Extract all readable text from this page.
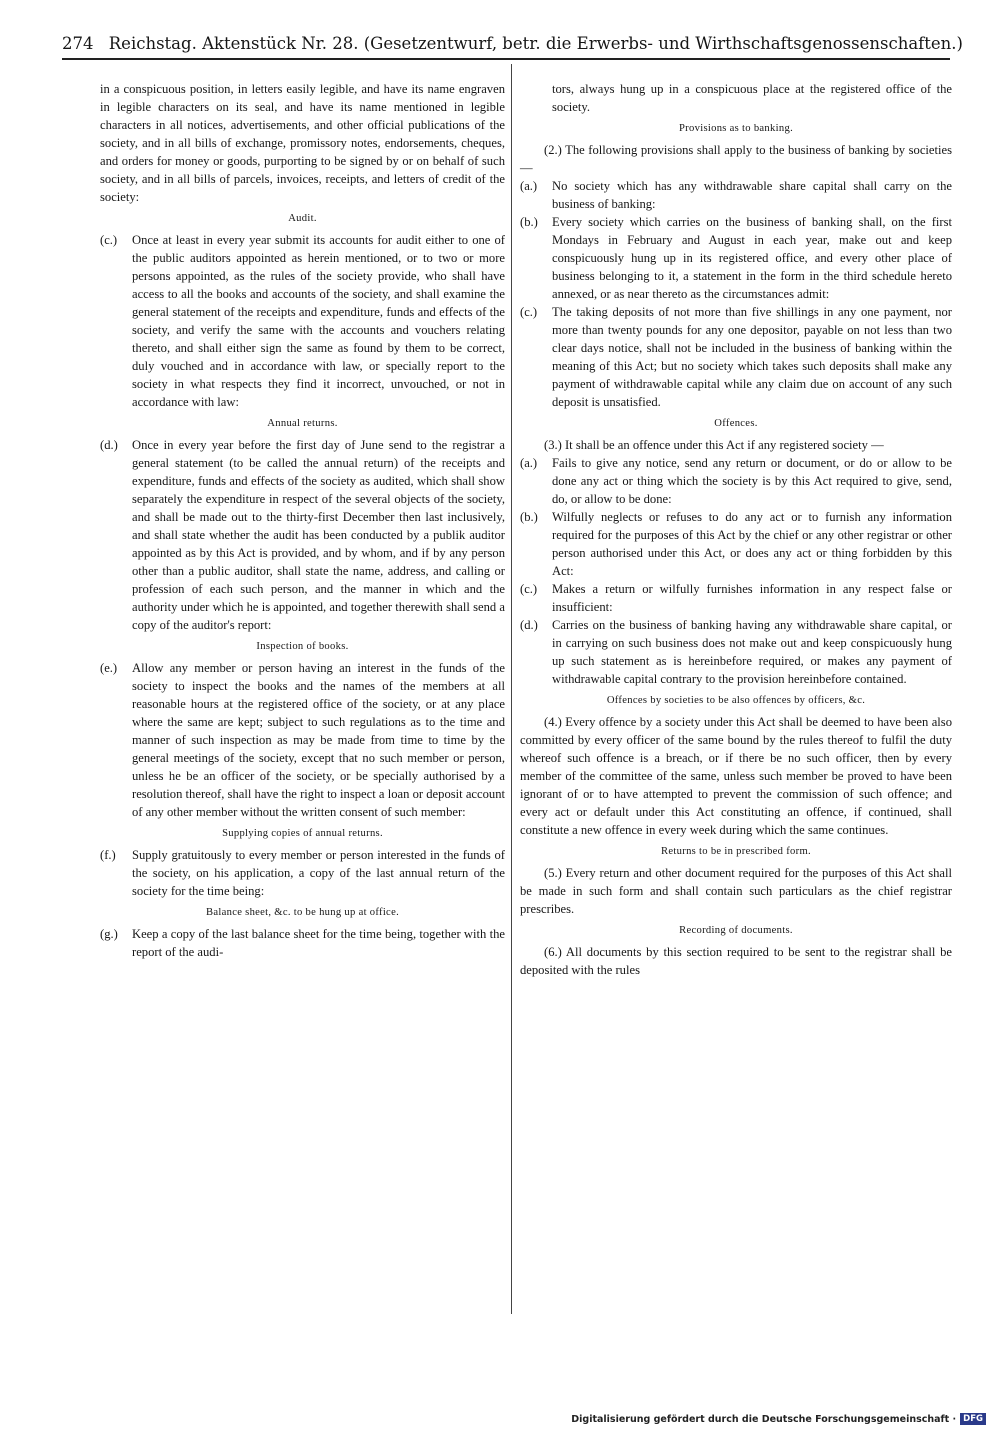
274 Reichstag. Aktenstück Nr. 28. (Gesetzentwurf, betr. die Erwerbs- und Wirthschaftsgenossenschaften.)

in a conspicuous position, in letters easily legible, and have its name engraven in legible characters on its seal, and have its name mentioned in legible characters in all notices, advertisements, and other official publications of the society, and in all bills of exchange, promissory notes, endorsements, cheques, and orders for money or goods, purporting to be signed by or on behalf of such society, and in all bills of parcels, invoices, receipts, and letters of credit of the society:

Audit.
(c.)	Once at least in every year submit its accounts for audit either to one of the public auditors appointed as herein mentioned, or to two or more persons appointed, as the rules of the society provide, who shall have access to all the books and accounts of the society, and shall examine the general statement of the receipts and expenditure, funds and effects of the society, and verify the same with the accounts and vouchers relating thereto, and shall either sign the same as found by them to be correct, duly vouched and in accordance with law, or specially report to the society in what respects they find it incorrect, unvouched, or not in accordance with law:
Annual returns.
(d.)	Once in every year before the first day of June send to the registrar a general statement (to be called the annual return) of the receipts and expenditure, funds and effects of the society as audited, which shall show separately the expenditure in respect of the several objects of the society, and shall be made out to the thirty-first December then last inclusively, and shall state whether the audit has been conducted by a publik auditor appointed as by this Act is provided, and by whom, and if by any person other than a public auditor, shall state the name, address, and calling or profession of each such person, and the manner in which and the authority under which he is appointed, and together therewith shall send a copy of the auditor's report:
Inspection of books.
(e.)	Allow any member or person having an interest in the funds of the society to inspect the books and the names of the members at all reasonable hours at the registered office of the society, or at any place where the same are kept; subject to such regulations as to the time and manner of such inspection as may be made from time to time by the general meetings of the society, except that no such member or person, unless he be an officer of the society, or be specially authorised by a resolution thereof, shall have the right to inspect a loan or deposit account of any other member without the written consent of such member:
Supplying copies of annual returns.
(f.)	Supply gratuitously to every member or person interested in the funds of the society, on his application, a copy of the last annual return of the society for the time being:
Balance sheet, &c. to be hung up at office.
(g.)	Keep a copy of the last balance sheet for the time being, together with the report of the audi-

tors, always hung up in a conspicuous place at the registered office of the society.

Provisions as to banking.

(2.) The following provisions shall apply to the business of banking by societies —

(a.)	No society which has any withdrawable share capital shall carry on the business of banking:
(b.)	Every society which carries on the business of banking shall, on the first Mondays in February and August in each year, make out and keep conspicuously hung up in its registered office, and every other place of business belonging to it, a statement in the form in the third schedule hereto annexed, or as near thereto as the circumstances admit:
(c.)	The taking deposits of not more than five shillings in any one payment, nor more than twenty pounds for any one depositor, payable on not less than two clear days notice, shall not be included in the business of banking within the meaning of this Act; but no society which takes such deposits shall make any payment of withdrawable capital while any claim due on account of any such deposit is unsatisfied.
Offences.

(3.) It shall be an offence under this Act if any registered society —

(a.)	Fails to give any notice, send any return or document, or do or allow to be done any act or thing which the society is by this Act required to give, send, do, or allow to be done:
(b.)	Wilfully neglects or refuses to do any act or to furnish any information required for the purposes of this Act by the chief or any other registrar or other person authorised under this Act, or does any act or thing forbidden by this Act:
(c.)	Makes a return or wilfully furnishes information in any respect false or insufficient:
(d.)	Carries on the business of banking having any withdrawable share capital, or in carrying on such business does not make out and keep conspicuously hung up such statement as is hereinbefore required, or makes any payment of withdrawable capital contrary to the provision hereinbefore contained.
Offences by societies to be also offences by officers, &c.

(4.) Every offence by a society under this Act shall be deemed to have been also committed by every officer of the same bound by the rules thereof to fulfil the duty whereof such offence is a breach, or if there be no such officer, then by every member of the committee of the same, unless such member be proved to have been ignorant of or to have attempted to prevent the commission of such offence; and every act or default under this Act constituting an offence, if continued, shall constitute a new offence in every week during which the same continues.

Returns to be in prescribed form.

(5.) Every return and other document required for the purposes of this Act shall be made in such form and shall contain such particulars as the chief registrar prescribes.

Recording of documents.

(6.) All documents by this section required to be sent to the registrar shall be deposited with the rules

Digitalisierung gefördert durch die Deutsche Forschungsgemeinschaft · DFG
